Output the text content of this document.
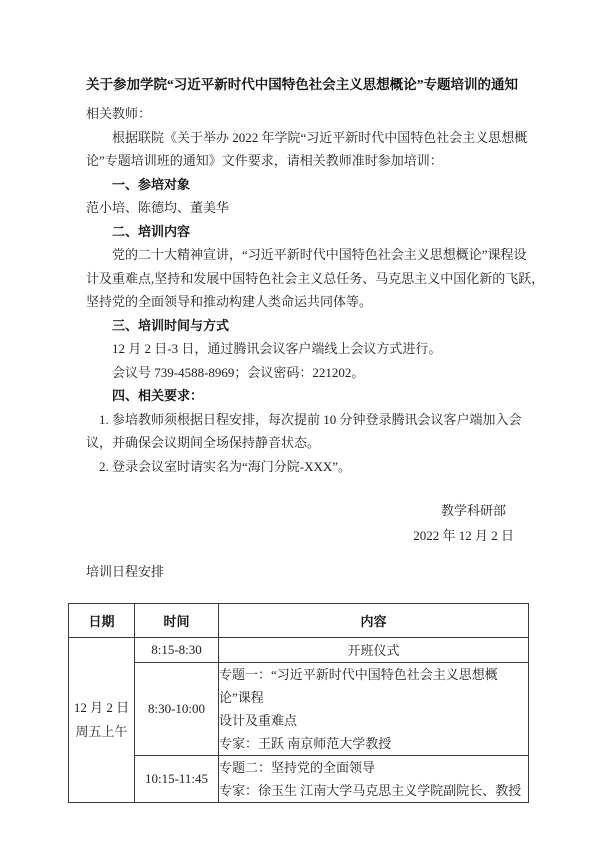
关于参加学院“习近平新时代中国特色社会主义思想概论”专题培训的通知
相关教师：
根据联院《关于举办 2022 年学院“习近平新时代中国特色社会主义思想概
论”专题培训班的通知》文件要求，请相关教师准时参加培训：
一、参培对象
范小培、陈德均、董美华
二、培训内容
党的二十大精神宣讲，“习近平新时代中国特色社会主义思想概论”课程设
计及重难点,坚持和发展中国特色社会主义总任务、马克思主义中国化新的飞跃，
坚持党的全面领导和推动构建人类命运共同体等。
三、培训时间与方式
12 月 2 日-3 日，通过腾讯会议客户端线上会议方式进行。
会议号 739-4588-8969；会议密码：221202。
四、相关要求：
1. 参培教师须根据日程安排，每次提前 10 分钟登录腾讯会议客户端加入会
议，并确保会议期间全场保持静音状态。
2. 登录会议室时请实名为“海门分院-XXX”。
教学科研部
2022 年 12 月 2 日
培训日程安排
日期	时间	内容

12 月 2 日
周五上午	8:15-8:30	开班仪式
	8:30-10:00	专题一：“习近平新时代中国特色社会主义思想概论”课程
设计及重难点
专家：王跃 南京师范大学教授

	10:15-11:45	专题二：坚持党的全面领导
专家：徐玉生 江南大学马克思主义学院副院长、教授
